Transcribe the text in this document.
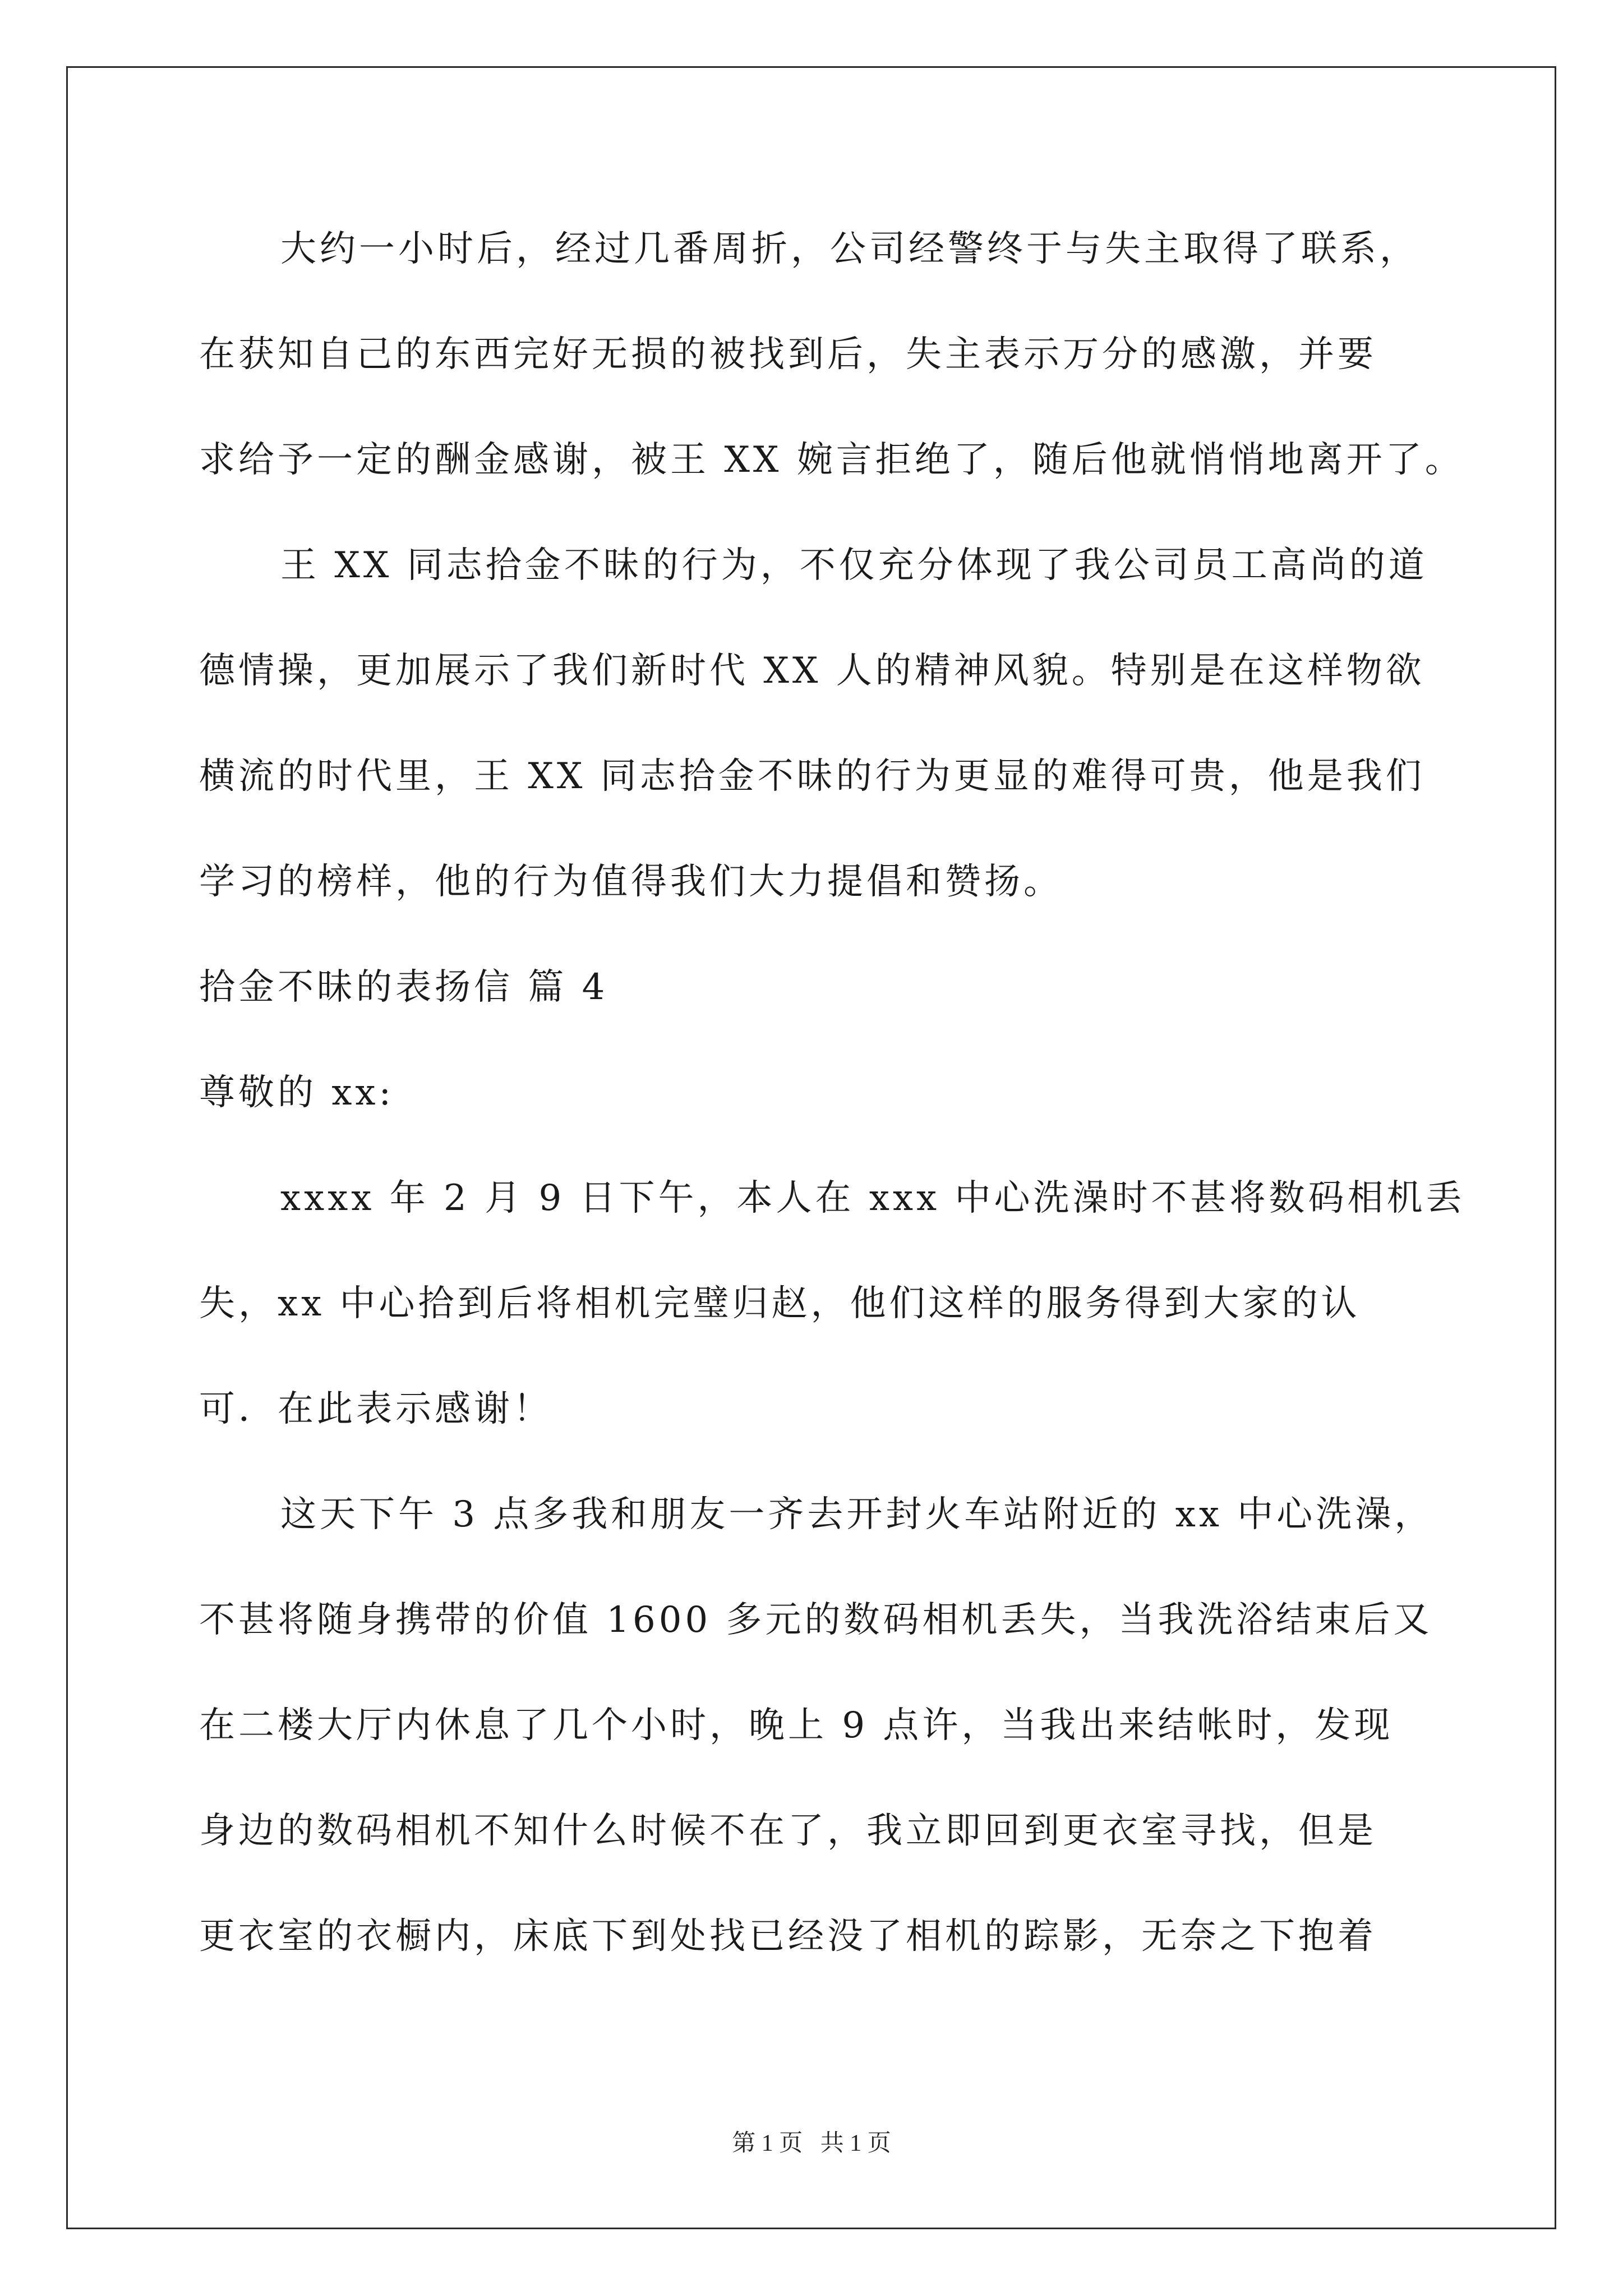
大约一小时后，经过几番周折，公司经警终于与失主取得了联系，
在获知自己的东西完好无损的被找到后，失主表示万分的感激，并要
求给予一定的酬金感谢，被王 XX 婉言拒绝了，随后他就悄悄地离开了。
王 XX 同志拾金不昧的行为，不仅充分体现了我公司员工高尚的道
德情操，更加展示了我们新时代 XX 人的精神风貌。特别是在这样物欲
横流的时代里，王 XX 同志拾金不昧的行为更显的难得可贵，他是我们
学习的榜样，他的行为值得我们大力提倡和赞扬。
拾金不昧的表扬信 篇 4
尊敬的 xx:
xxxx 年 2 月 9 日下午，本人在 xxx 中心洗澡时不甚将数码相机丢
失，xx 中心拾到后将相机完璧归赵，他们这样的服务得到大家的认
可．在此表示感谢！
这天下午 3 点多我和朋友一齐去开封火车站附近的 xx 中心洗澡，
不甚将随身携带的价值 1600 多元的数码相机丢失，当我洗浴结束后又
在二楼大厅内休息了几个小时，晚上 9 点许，当我出来结帐时，发现
身边的数码相机不知什么时候不在了，我立即回到更衣室寻找，但是
更衣室的衣橱内，床底下到处找已经没了相机的踪影，无奈之下抱着
第 1 页   共 1 页
